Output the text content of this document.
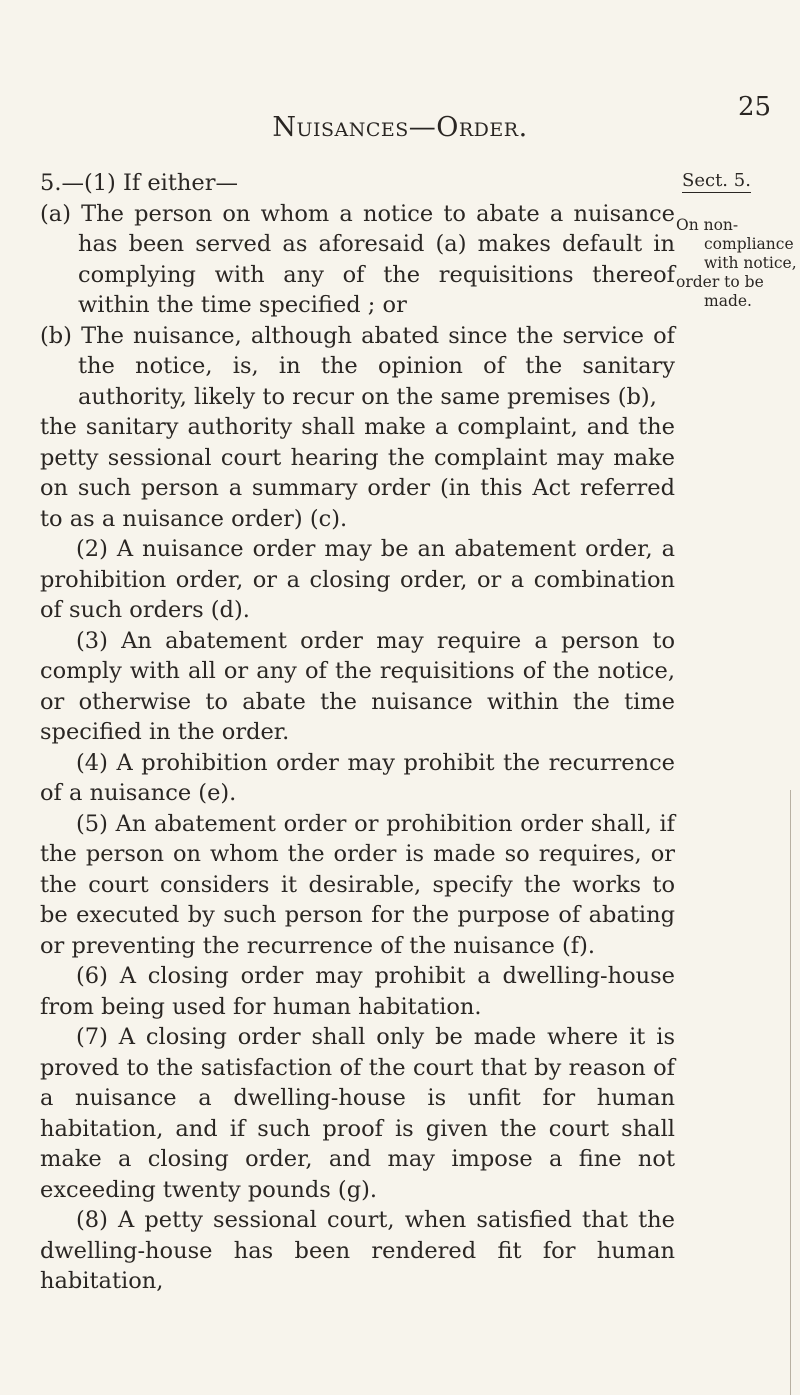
Nuisances—Order.
25
Sect. 5.
On non-
compliance
with notice,
order to be
made.

5.—(1) If either—

(a) The person on whom a notice to abate a nuisance has been served as aforesaid (a) makes default in complying with any of the requisitions thereof within the time specified ; or

(b) The nuisance, although abated since the service of the notice, is, in the opinion of the sanitary authority, likely to recur on the same premises (b),

the sanitary authority shall make a complaint, and the petty sessional court hearing the complaint may make on such person a summary order (in this Act referred to as a nuisance order) (c).

(2) A nuisance order may be an abatement order, a prohibition order, or a closing order, or a combination of such orders (d).

(3) An abatement order may require a person to comply with all or any of the requisitions of the notice, or otherwise to abate the nuisance within the time specified in the order.

(4) A prohibition order may prohibit the recurrence of a nuisance (e).

(5) An abatement order or prohibition order shall, if the person on whom the order is made so requires, or the court considers it desirable, specify the works to be executed by such person for the purpose of abating or preventing the recurrence of the nuisance (f).

(6) A closing order may prohibit a dwelling-house from being used for human habitation.

(7) A closing order shall only be made where it is proved to the satisfaction of the court that by reason of a nuisance a dwelling-house is unfit for human habitation, and if such proof is given the court shall make a closing order, and may impose a fine not exceeding twenty pounds (g).

(8) A petty sessional court, when satisfied that the dwelling-house has been rendered fit for human habitation,
